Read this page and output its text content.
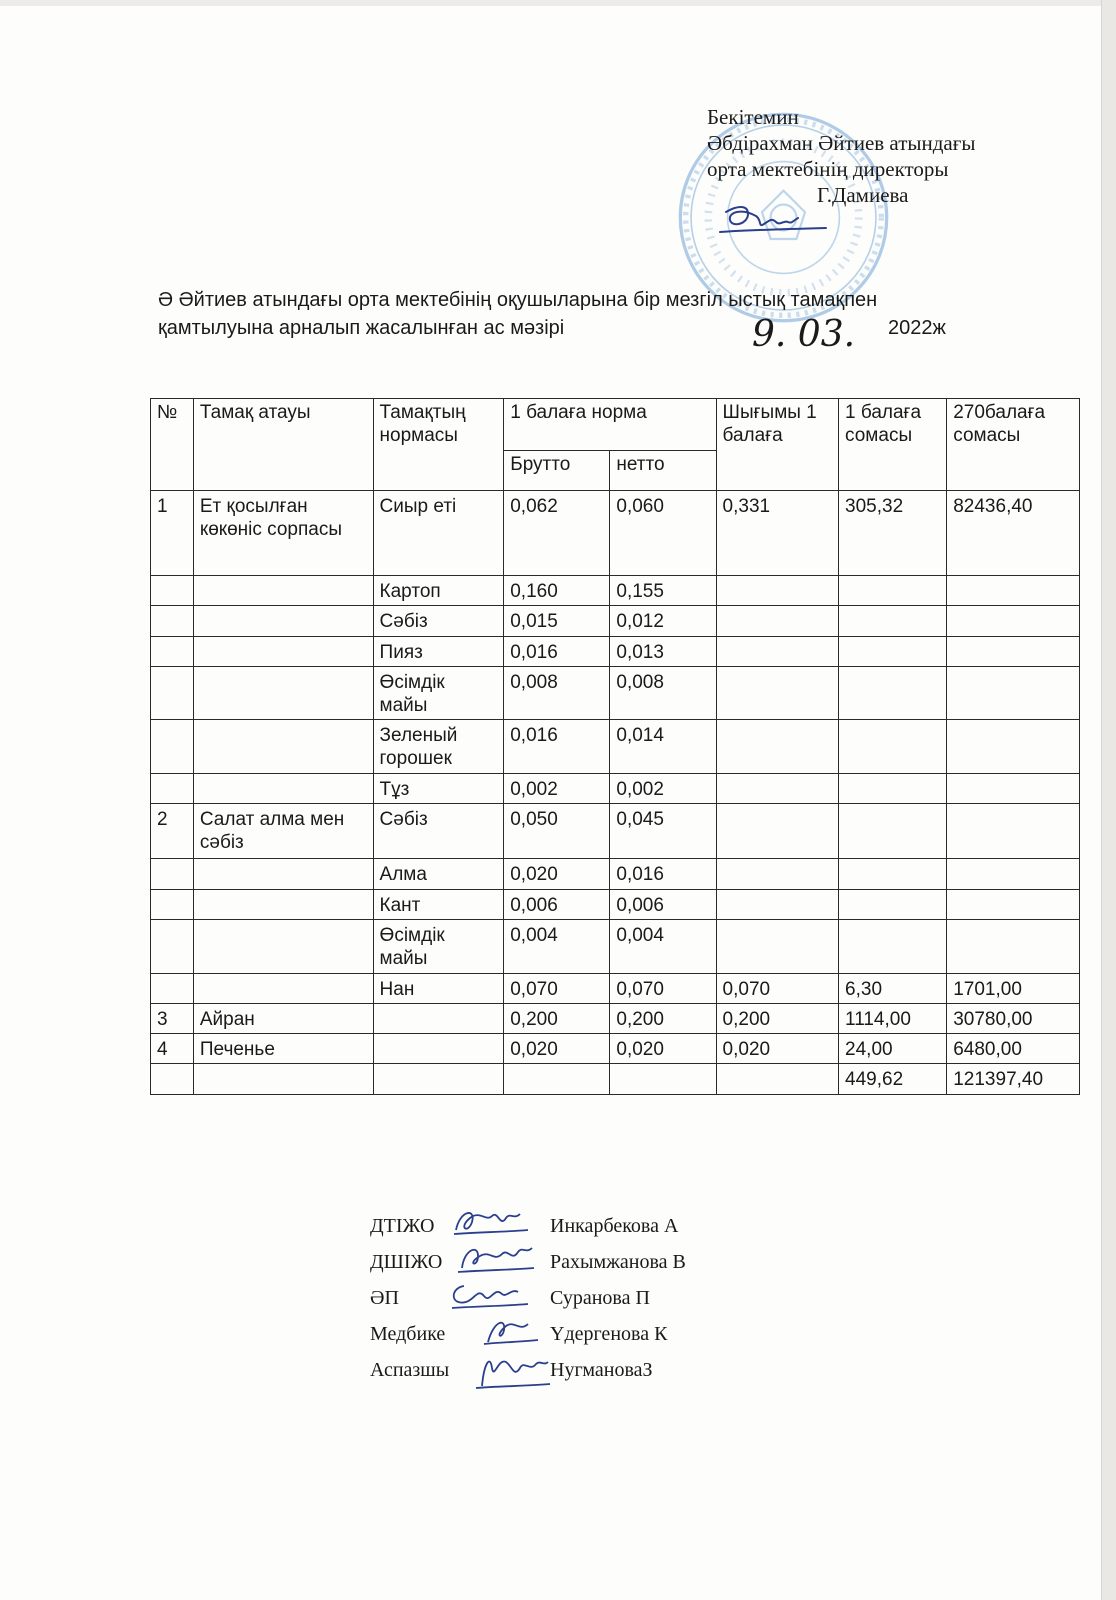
Бекітемин
Әбдірахман Әйтиев атындағы
орта мектебінің директоры
Г.Дамиева
Ә Әйтиев атындағы орта мектебінің оқушыларына бір мезгіл ыстық тамақпен
қамтылуына арналып жасалынған ас мәзірі	2022ж
9. 03.
№	Тамақ атауы	Тамақтың нормасы	1 балаға норма		Шығымы 1 балаға	1 балаға сомасы	270балаға сомасы
			Брутто	нетто			
1	Ет қосылған көкөніс сорпасы	Сиыр еті	0,062	0,060	0,331	305,32	82436,40
		Картоп	0,160	0,155			
		Сәбіз	0,015	0,012			
		Пияз	0,016	0,013			
		Өсімдік майы	0,008	0,008			
		Зеленый горошек	0,016	0,014			
		Тұз	0,002	0,002			
2	Салат алма мен сәбіз	Сәбіз	0,050	0,045			
		Алма	0,020	0,016			
		Кант	0,006	0,006			
		Өсімдік майы	0,004	0,004			
		Нан	0,070	0,070	0,070	6,30	1701,00
3	Айран		0,200	0,200	0,200	1114,00	30780,00
4	Печенье		0,020	0,020	0,020	24,00	6480,00
						449,62	121397,40
ДТІЖО	Инкарбекова А
ДШІЖО	Рахымжанова В
ӘП	Суранова П
Медбике	Үдергенова К
Аспазшы	НугмановаЗ
